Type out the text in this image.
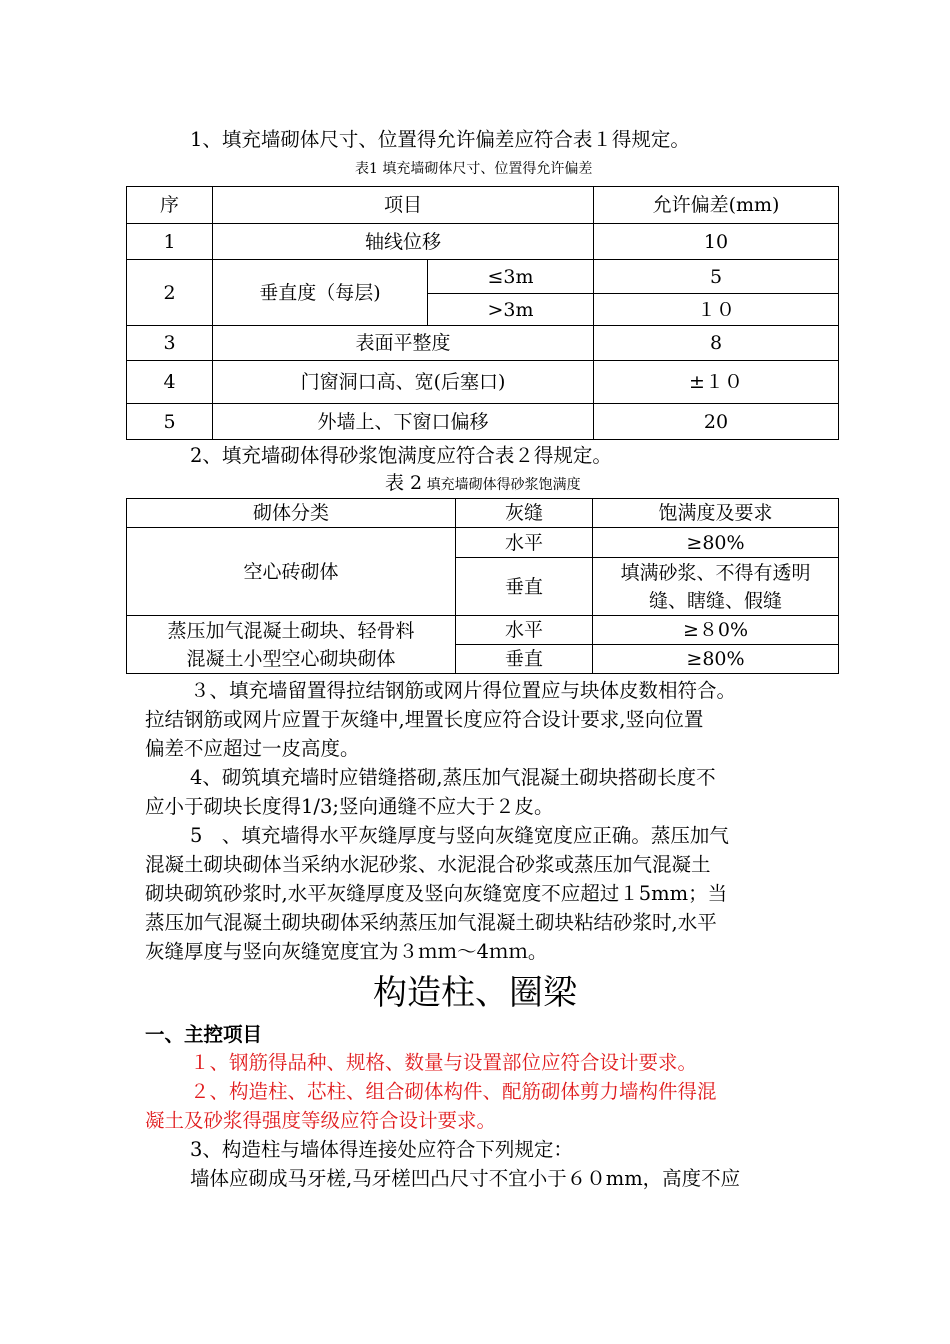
1、填充墙砌体尺寸、位置得允许偏差应符合表１得规定。
表1 填充墙砌体尺寸、位置得允许偏差
序	项目		允许偏差(mm)
1	轴线位移		10
2	垂直度（每层)	≤3m	5
		>3m	１０
3	表面平整度		8
4	门窗洞口高、宽(后塞口)		±１０
5	外墙上、下窗口偏移		20
2、填充墙砌体得砂浆饱满度应符合表２得规定。
表 2 填充墙砌体得砂浆饱满度
砌体分类	灰缝	饱满度及要求
空心砖砌体	水平	≥80%
	垂直	填满砂浆、不得有透明
缝、瞎缝、假缝

蒸压加气混凝土砌块、轻骨料
混凝土小型空心砌块砌体	水平	≥８0%
	垂直	≥80%
３、填充墙留置得拉结钢筋或网片得位置应与块体皮数相符合。
拉结钢筋或网片应置于灰缝中,埋置长度应符合设计要求,竖向位置
偏差不应超过一皮高度。
4、砌筑填充墙时应错缝搭砌,蒸压加气混凝土砌块搭砌长度不
应小于砌块长度得1/3;竖向通缝不应大于２皮。
5　、填充墙得水平灰缝厚度与竖向灰缝宽度应正确。蒸压加气
混凝土砌块砌体当采纳水泥砂浆、水泥混合砂浆或蒸压加气混凝土
砌块砌筑砂浆时,水平灰缝厚度及竖向灰缝宽度不应超过１5mm；当
蒸压加气混凝土砌块砌体采纳蒸压加气混凝土砌块粘结砂浆时,水平
灰缝厚度与竖向灰缝宽度宜为３ｍｍ～4ｍｍ。
构造柱、圈梁
一、主控项目
１、钢筋得品种、规格、数量与设置部位应符合设计要求。
２、构造柱、芯柱、组合砌体构件、配筋砌体剪力墙构件得混
凝土及砂浆得强度等级应符合设计要求。
3、构造柱与墙体得连接处应符合下列规定：
墙体应砌成马牙槎,马牙槎凹凸尺寸不宜小于６０mm，高度不应
